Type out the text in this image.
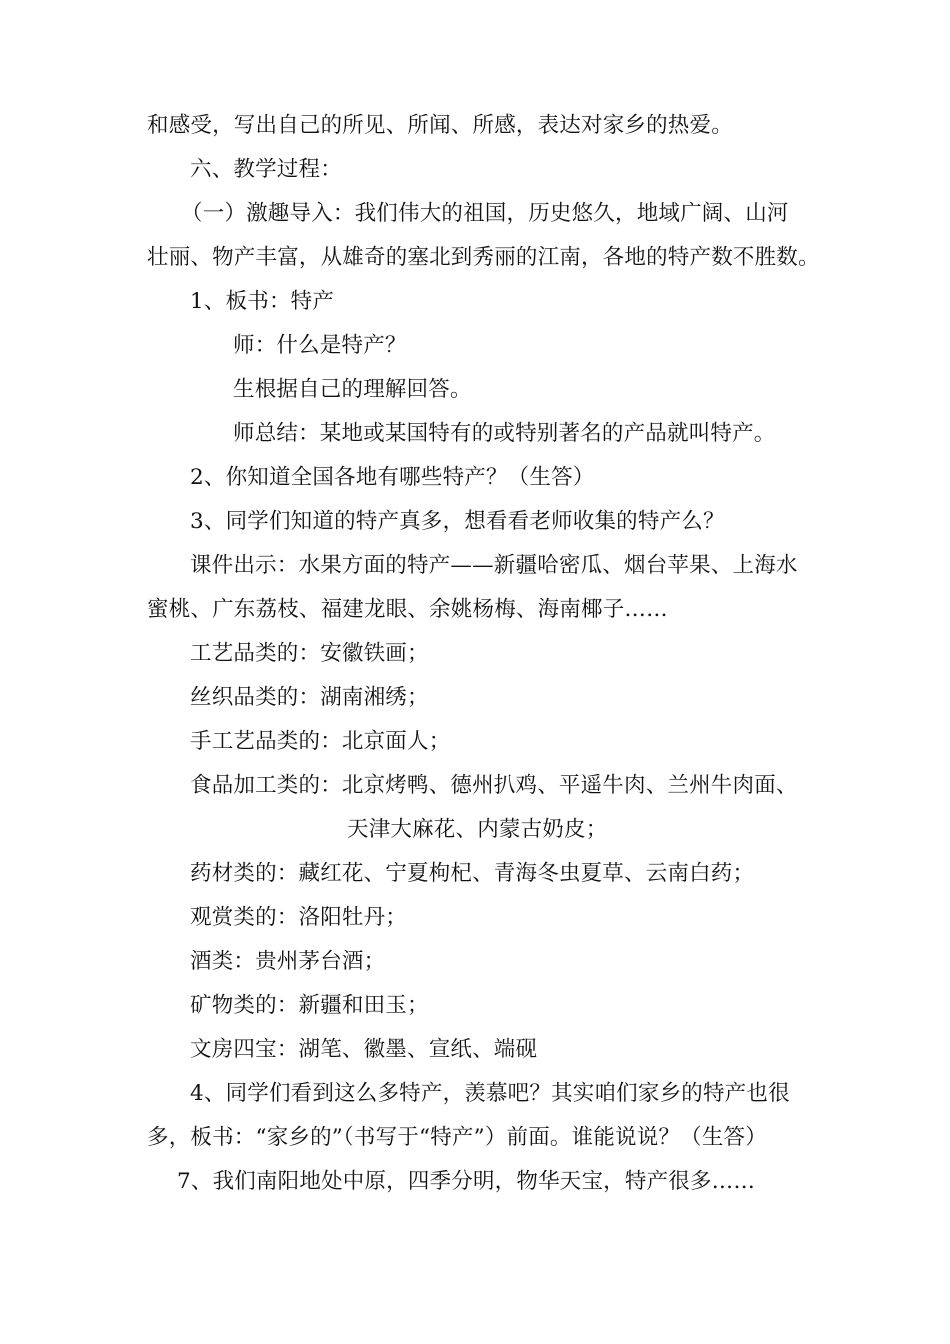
和感受，写出自己的所见、所闻、所感，表达对家乡的热爱。
六、教学过程：
（一）激趣导入：我们伟大的祖国，历史悠久，地域广阔、山河
壮丽、物产丰富，从雄奇的塞北到秀丽的江南，各地的特产数不胜数。
1、板书：特产
师：什么是特产？
生根据自己的理解回答。
师总结：某地或某国特有的或特别著名的产品就叫特产。
2、你知道全国各地有哪些特产？（生答）
3、同学们知道的特产真多，想看看老师收集的特产么？
课件出示：水果方面的特产——新疆哈密瓜、烟台苹果、上海水
蜜桃、广东荔枝、福建龙眼、余姚杨梅、海南椰子……
工艺品类的：安徽铁画；
丝织品类的：湖南湘绣；
手工艺品类的：北京面人；
食品加工类的：北京烤鸭、德州扒鸡、平遥牛肉、兰州牛肉面、
天津大麻花、内蒙古奶皮；
药材类的：藏红花、宁夏枸杞、青海冬虫夏草、云南白药；
观赏类的：洛阳牡丹；
酒类：贵州茅台酒；
矿物类的：新疆和田玉；
文房四宝：湖笔、徽墨、宣纸、端砚
4、同学们看到这么多特产，羡慕吧？其实咱们家乡的特产也很
多，板书：“家乡的”（书写于“特产”）前面。谁能说说？（生答）
7、我们南阳地处中原，四季分明，物华天宝，特产很多……
